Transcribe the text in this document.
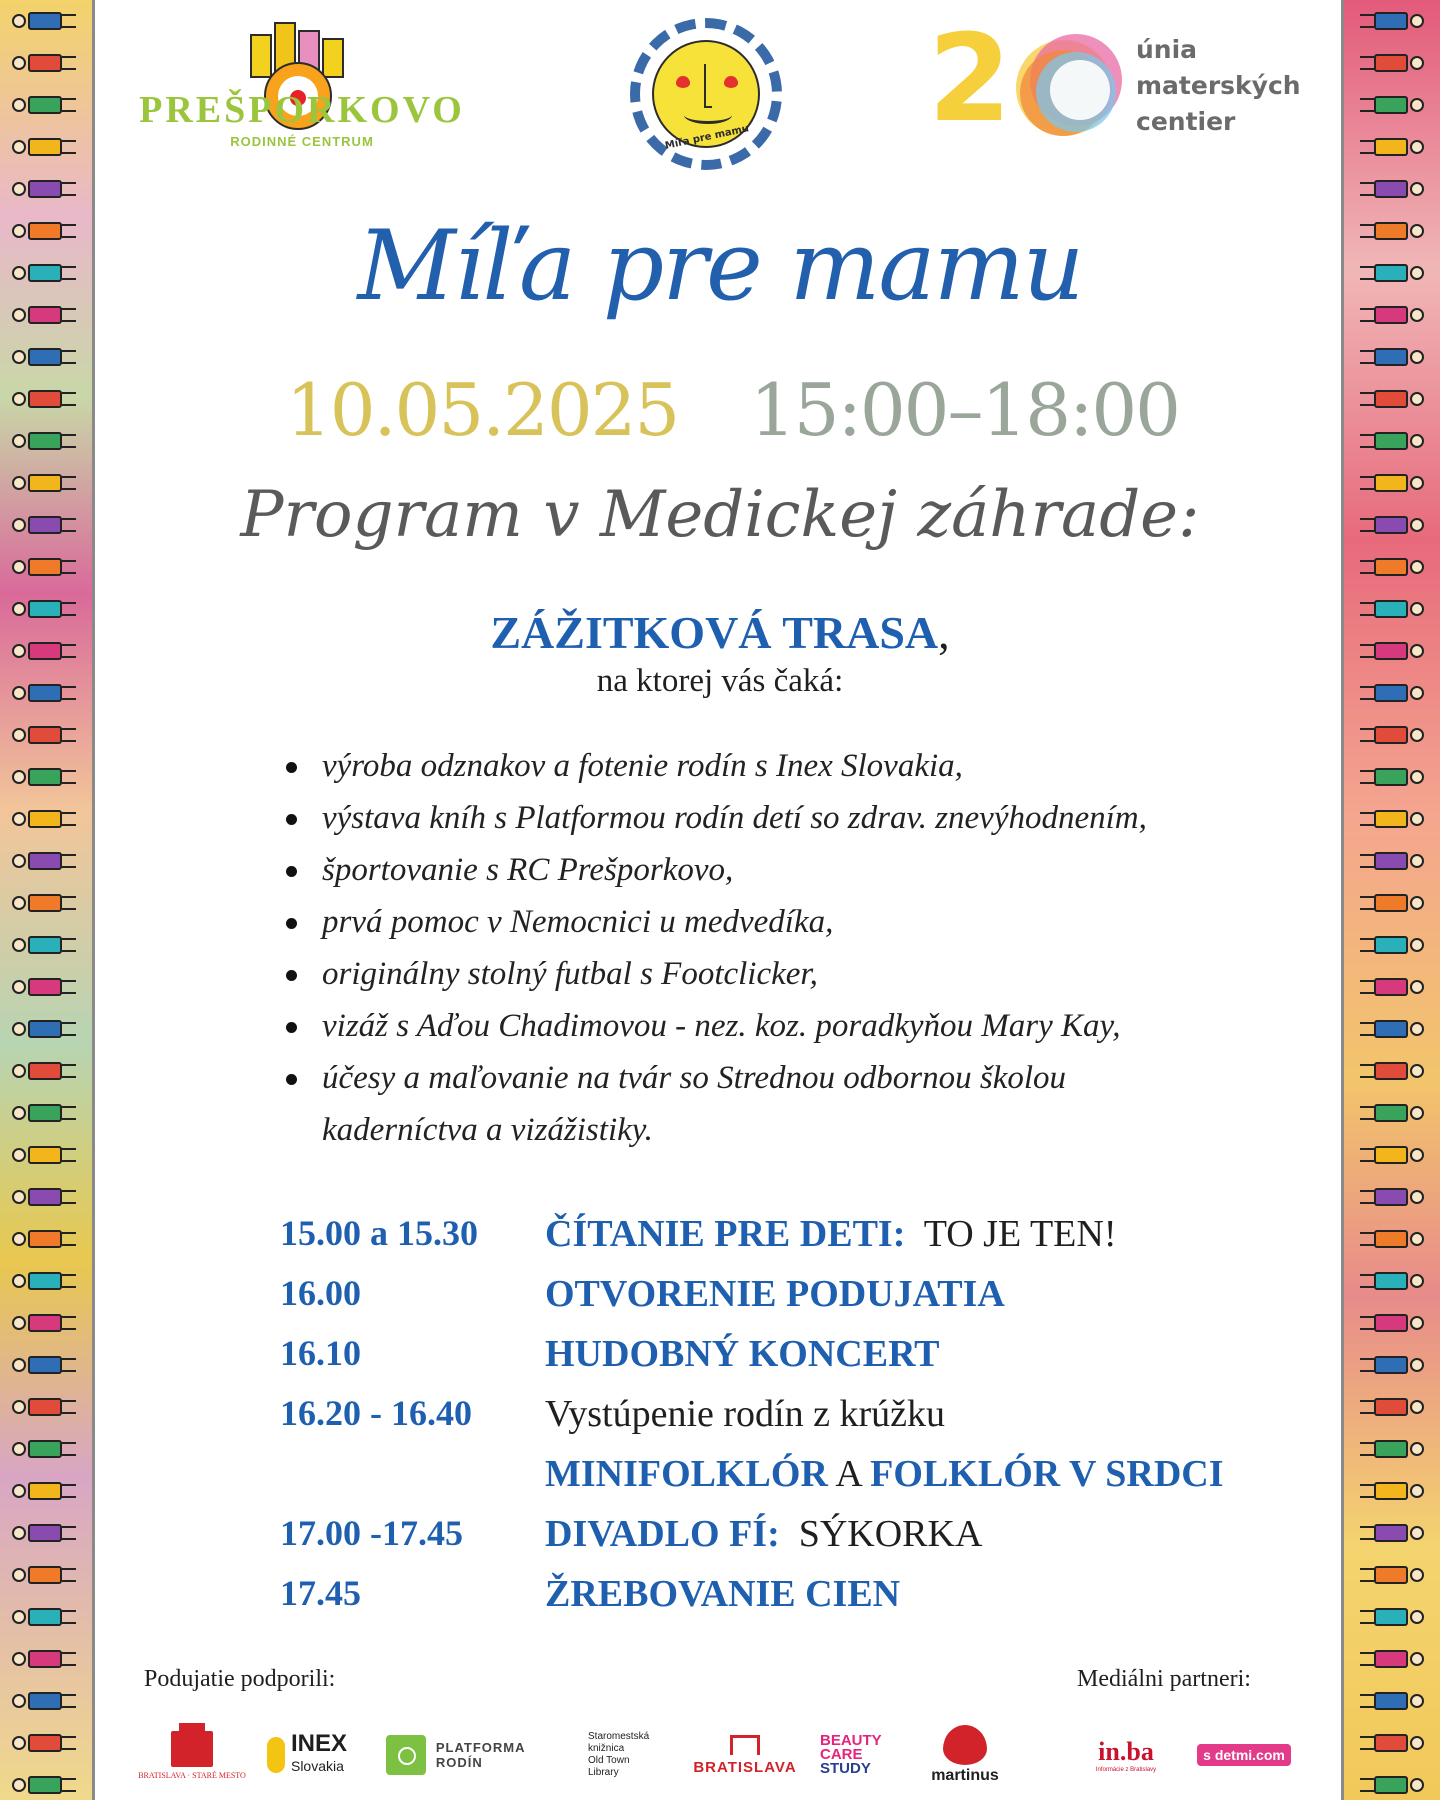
PREŠPORKOVO
RODINNÉ CENTRUM	Míľa pre mamu 2	únia
materských
centier
Míľa pre mamu
10.05.2025 15:00–18:00
Program v Medickej záhrade:
ZÁŽITKOVÁ TRASA,
na ktorej vás čaká:
výroba odznakov a fotenie rodín s Inex Slovakia,
výstava kníh s Platformou rodín detí so zdrav. znevýhodnením,
športovanie s RC Prešporkovo,
prvá pomoc v Nemocnici u medvedíka,
originálny stolný futbal s Footclicker,
vizáž s Aďou Chadimovou - nez. koz. poradkyňou Mary Kay,
účesy a maľovanie na tvár so Strednou odbornou školou kaderníctva a vizážistiky.
15.00 a 15.30 ČÍTANIE PRE DETI: TO JE TEN!
16.00	OTVORENIE PODUJATIA
16.10	HUDOBNÝ KONCERT
16.20 - 16.40 Vystúpenie rodín z krúžku
MINIFOLKLÓR A FOLKLÓR V SRDCI
17.00 -17.45 DIVADLO FÍ: SÝKORKA
17.45	ŽREBOVANIE CIEN
Podujatie podporili:	Mediálni partneri:
BRATISLAVA · STARÉ MESTO
INEX
Slovakia
PLATFORMA RODÍN
Staromestská
knižnica
Old Town
Library	BRATISLAVA
BEAUTY
CARE
STUDY	martinus
in.ba
Informácie z Bratislavy
s detmi.com
